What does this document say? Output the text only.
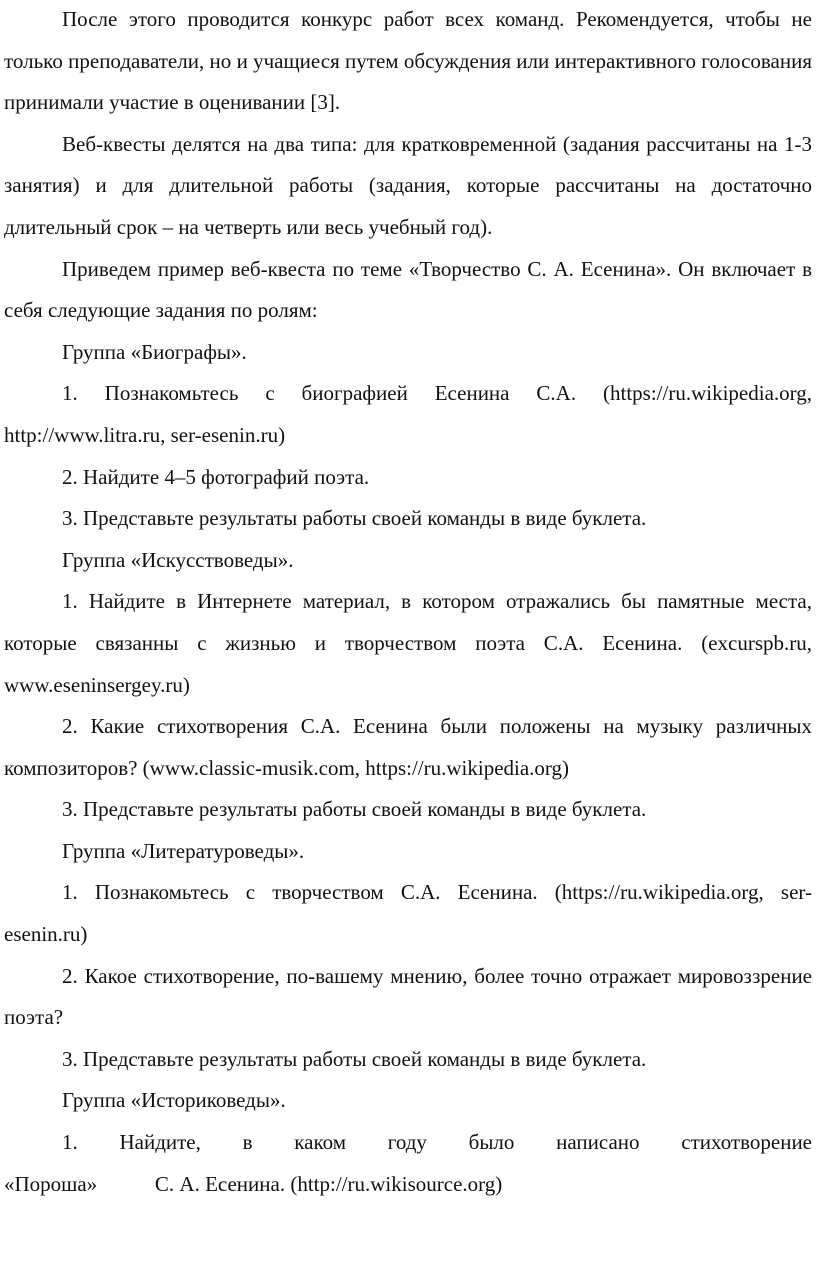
После этого проводится конкурс работ всех команд. Рекомендуется, чтобы не только преподаватели, но и учащиеся путем обсуждения или интерактивного голосования принимали участие в оценивании [3].

Веб-квесты делятся на два типа: для кратковременной (задания рассчитаны на 1-3 занятия) и для длительной работы (задания, которые рассчитаны на достаточно длительный срок – на четверть или весь учебный год).

Приведем пример веб-квеста по теме «Творчество С. А. Есенина». Он включает в себя следующие задания по ролям:

Группа «Биографы».

1. Познакомьтесь с биографией Есенина С.А. (https://ru.wikipedia.org, http://www.litra.ru, ser-esenin.ru)

2. Найдите 4–5 фотографий поэта.

3. Представьте результаты работы своей команды в виде буклета.

Группа «Искусствоведы».

1. Найдите в Интернете материал, в котором отражались бы памятные места, которые связанны с жизнью и творчеством поэта С.А. Есенина. (excurspb.ru, www.eseninsergey.ru)

2. Какие стихотворения С.А. Есенина были положены на музыку различных композиторов? (www.classic-musik.com, https://ru.wikipedia.org)

3. Представьте результаты работы своей команды в виде буклета.

Группа «Литературоведы».

1. Познакомьтесь с творчеством С.А. Есенина. (https://ru.wikipedia.org, ser-esenin.ru)

2. Какое стихотворение, по-вашему мнению, более точно отражает мировоззрение поэта?

3. Представьте результаты работы своей команды в виде буклета.

Группа «Историковеды».

1. Найдите, в каком году было написано стихотворение

«Пороша»           С. А. Есенина. (http://ru.wikisource.org)
